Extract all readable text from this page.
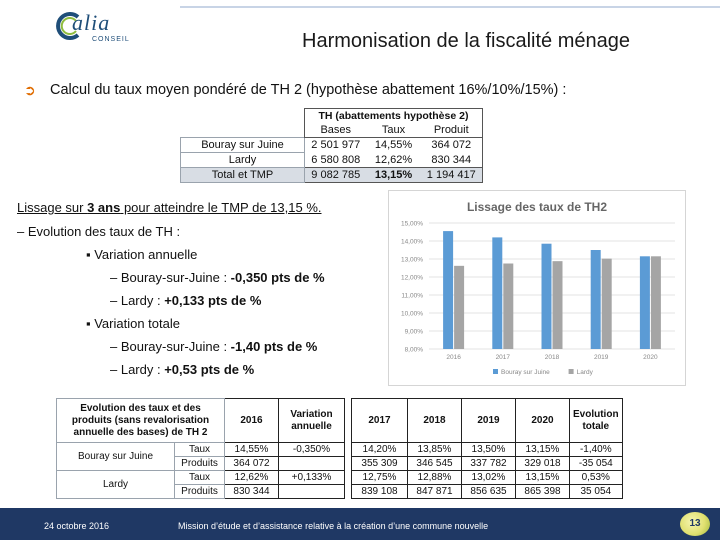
alia
CONSEIL	Harmonisation de la fiscalité ménage
➲ Calcul du taux moyen pondéré de TH 2 (hypothèse abattement 16%/10%/15%) :
	TH (abattements hypothèse 2)		
	Bases	Taux	Produit
Bouray sur Juine	2 501 977	14,55%	364 072
Lardy	6 580 808	12,62%	830 344
Total et TMP	9 082 785	13,15%	1 194 417
Lissage sur 3 ans pour atteindre le TMP de 13,15 %.
– Evolution des taux de TH :
▪ Variation annuelle
– Bouray-sur-Juine : -0,350 pts de %
– Lardy : +0,133 pts de %
▪ Variation totale
– Bouray-sur-Juine : -1,40 pts de %
– Lardy : +0,53 pts de %
Lissage des taux de TH2
8,00%
9,00%
10,00%
11,00%
12,00%
13,00%
14,00%
15,00%
2016	2017	2018	2019	2020
Bouray sur Juine	Lardy
Evolution des taux et des produits (sans revalorisation annuelle des bases) de TH 2		2016	Variation annuelle		2017	2018	2019	2020	Evolution totale
Bouray sur Juine	Taux	14,55%	-0,350%		14,20%	13,85%	13,50%	13,15%	-1,40%
	Produits	364 072			355 309	346 545	337 782	329 018	-35 054
Lardy	Taux	12,62%	+0,133%		12,75%	12,88%	13,02%	13,15%	0,53%
	Produits	830 344			839 108	847 871	856 635	865 398	35 054
24 octobre 2016	Mission d’étude et d’assistance relative à la création d’une commune nouvelle	13
